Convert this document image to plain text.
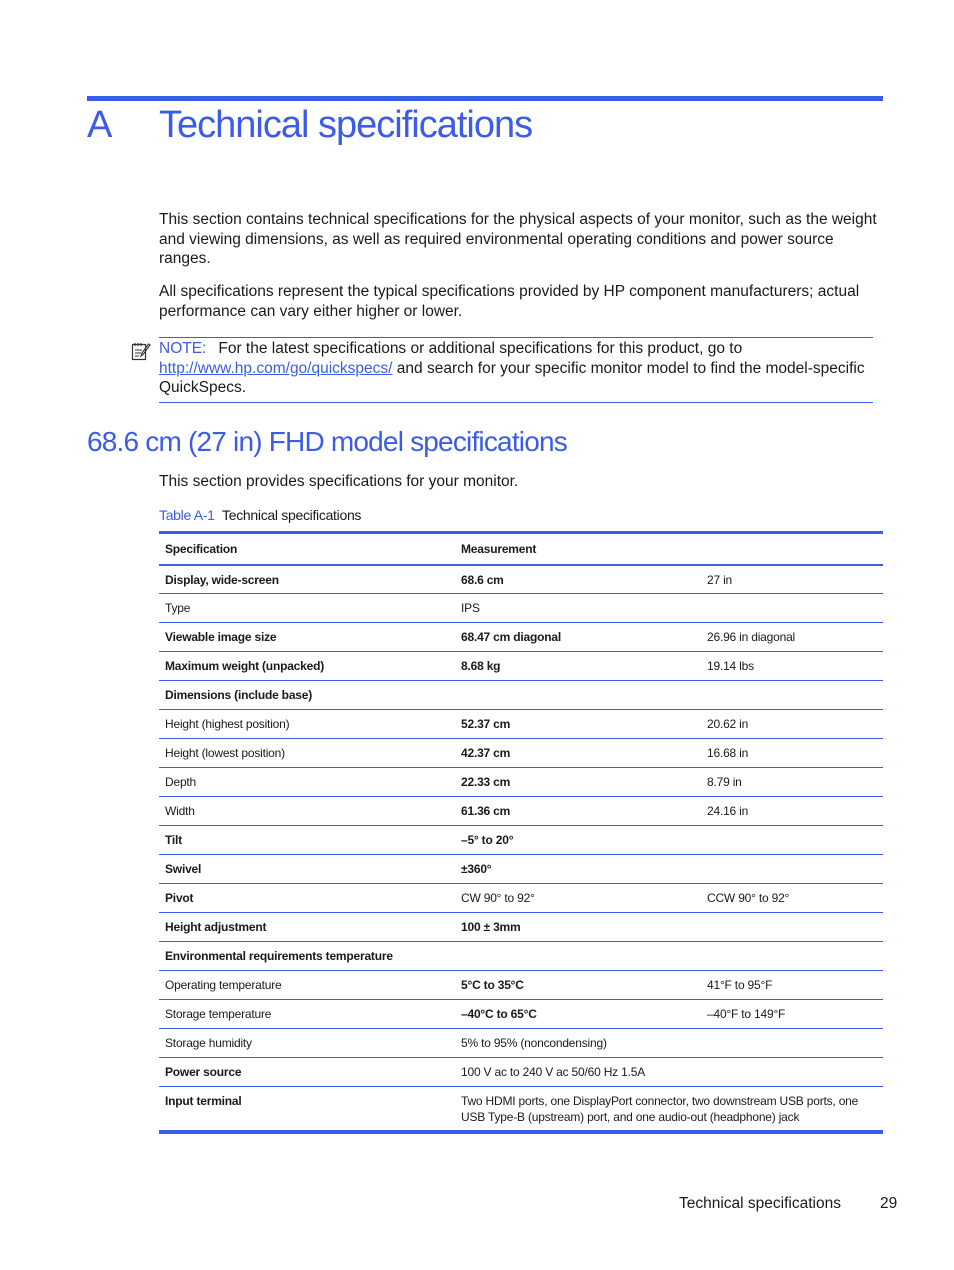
A Technical specifications

This section contains technical specifications for the physical aspects of your monitor, such as the weight and viewing dimensions, as well as required environmental operating conditions and power source ranges.

All specifications represent the typical specifications provided by HP component manufacturers; actual performance can vary either higher or lower.

NOTE: For the latest specifications or additional specifications for this product, go to
http://www.hp.com/go/quickspecs/ and search for your specific monitor model to find the model-specific QuickSpecs.

68.6 cm (27 in) FHD model specifications

This section provides specifications for your monitor.

Table A-1 Technical specifications

Specification	Measurement	
Display, wide-screen	68.6 cm	27 in
Type	IPS	
Viewable image size	68.47 cm diagonal	26.96 in diagonal
Maximum weight (unpacked)	8.68 kg	19.14 lbs
Dimensions (include base)		
Height (highest position)	52.37 cm	20.62 in
Height (lowest position)	42.37 cm	16.68 in
Depth	22.33 cm	8.79 in
Width	61.36 cm	24.16 in
Tilt	–5° to 20°	
Swivel	±360°	
Pivot	CW 90° to 92°	CCW 90° to 92°
Height adjustment	100 ± 3mm	
Environmental requirements temperature		
Operating temperature	5°C to 35°C	41°F to 95°F
Storage temperature	–40°C to 65°C	–40°F to 149°F
Storage humidity	5% to 95% (noncondensing)	
Power source	100 V ac to 240 V ac 50/60 Hz 1.5A	
Input terminal	Two HDMI ports, one DisplayPort connector, two downstream USB ports, one USB Type-B (upstream) port, and one audio-out (headphone) jack	
Technical specifications	29
